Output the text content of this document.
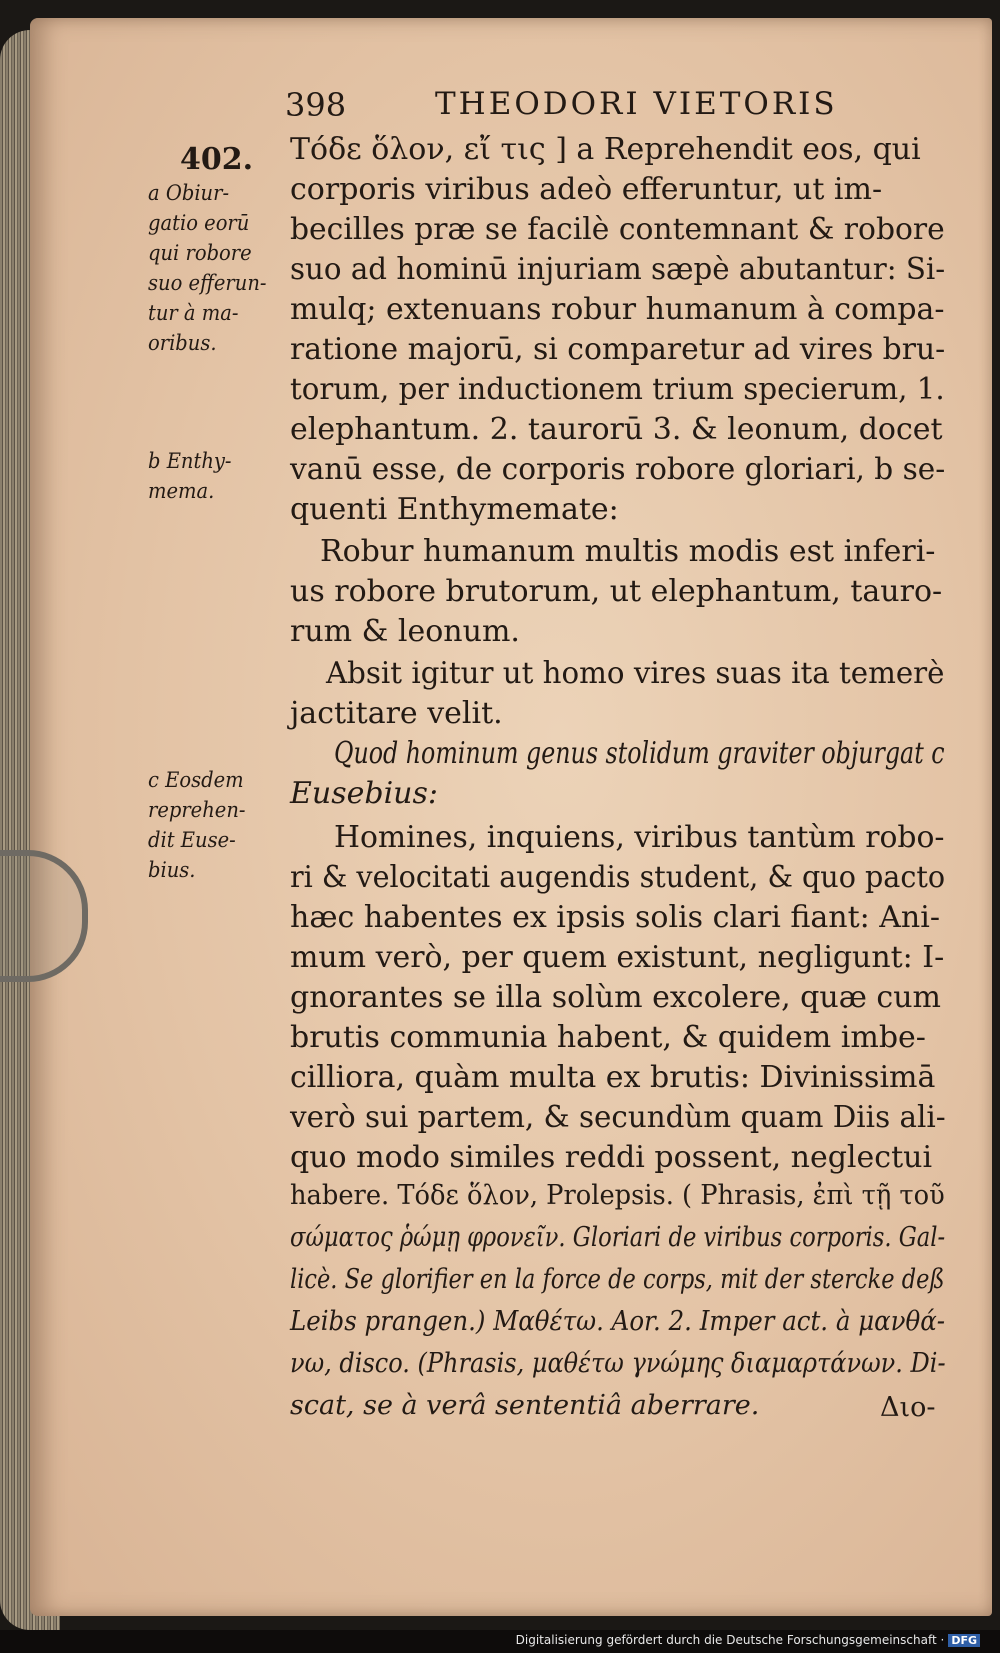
398	THEODORI VIETORIS
402.
a Obiur-
gatio eorū
qui robore
suo efferun-
tur à ma-
oribus.
b Enthy-
mema.
c Eosdem
reprehen-
dit Euse-
bius.
Τόδε ὅλον, εἴ τις ] a Reprehendit eos, qui
corporis viribus adeò efferuntur, ut im-
becilles præ se facilè contemnant & robore
suo ad hominū injuriam sæpè abutantur: Si-
mulq; extenuans robur humanum à compa-
ratione majorū, si comparetur ad vires bru-
torum, per inductionem trium specierum, 1.
elephantum. 2. taurorū 3. & leonum, docet
vanū esse, de corporis robore gloriari, b se-
quenti Enthymemate:
Robur humanum multis modis est inferi-
us robore brutorum, ut elephantum, tauro-
rum & leonum.
Absit igitur ut homo vires suas ita temerè
jactitare velit.
Quod hominum genus stolidum graviter objurgat c
Eusebius:
Homines, inquiens, viribus tantùm robo-
ri & velocitati augendis student, & quo pacto
hæc habentes ex ipsis solis clari fiant: Ani-
mum verò, per quem existunt, negligunt: I-
gnorantes se illa solùm excolere, quæ cum
brutis communia habent, & quidem imbe-
cilliora, quàm multa ex brutis: Divinissimā
verò sui partem, & secundùm quam Diis ali-
quo modo similes reddi possent, neglectui
habere. Τόδε ὅλον, Prolepsis. ( Phrasis, ἐπὶ τῇ τοῦ
σώματος ῥώμῃ φρονεῖν. Gloriari de viribus corporis. Gal-
licè. Se glorifier en la force de corps, mit der stercke deß
Leibs prangen.) Μαθέτω. Aor. 2. Imper act. à μανθά-
νω, disco. (Phrasis, μαθέτω γνώμης διαμαρτάνων. Di-
scat, se à verâ sententiâ aberrare.	Διο-
Digitalisierung gefördert durch die Deutsche Forschungsgemeinschaft · DFG
